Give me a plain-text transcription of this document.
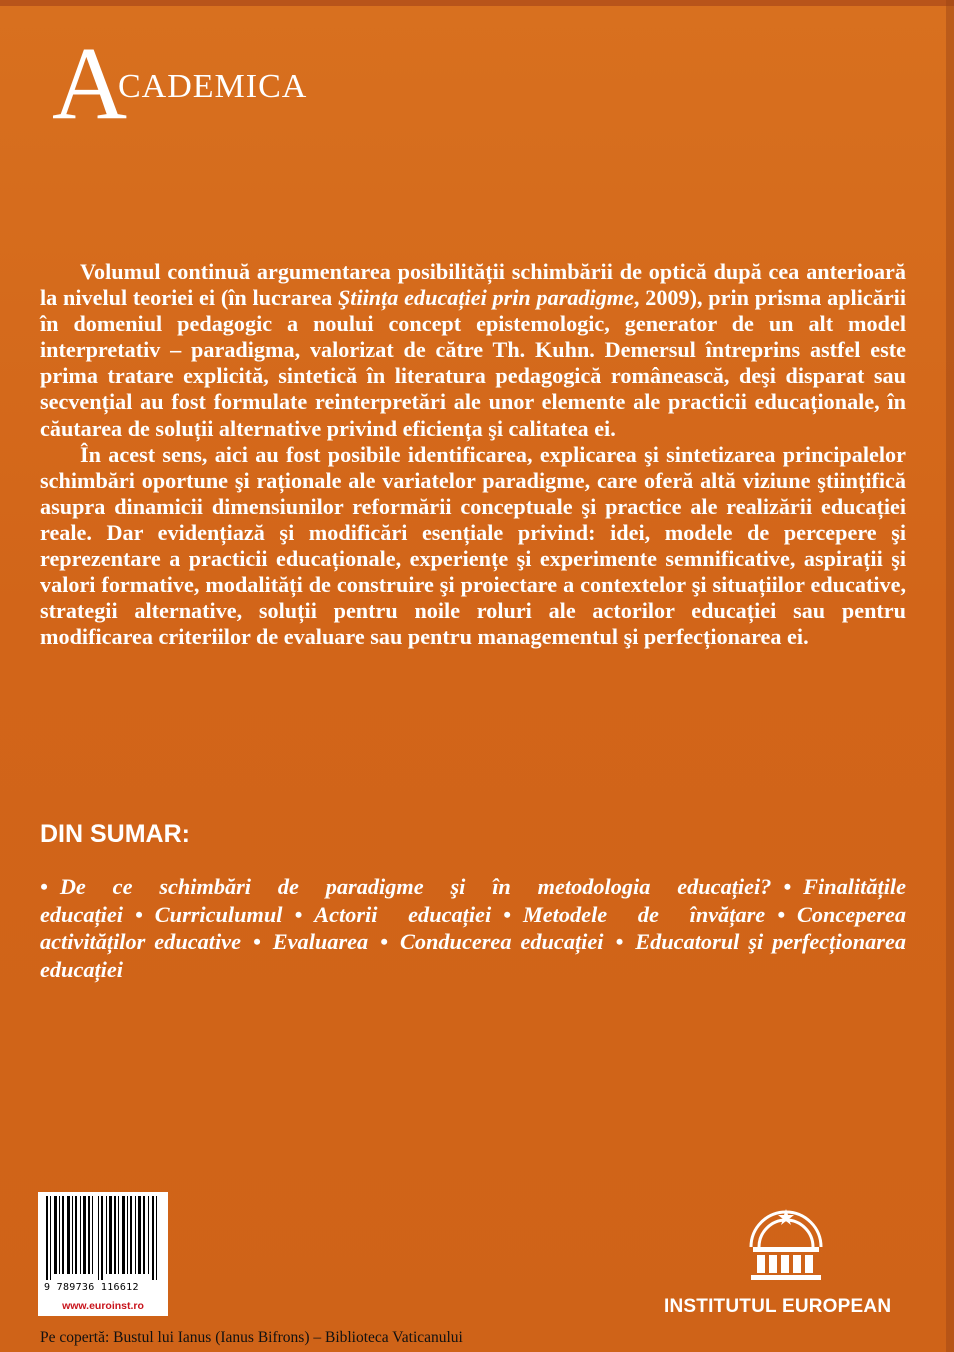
A
CADEMICA

Volumul continuă argumentarea posibilității schimbării de optică după cea anterioară la nivelul teoriei ei (în lucrarea Ştiința educației prin paradigme, 2009), prin prisma aplicării în domeniul pedagogic a noului concept epistemologic, generator de un alt model interpretativ – paradigma, valorizat de către Th. Kuhn. Demersul întreprins astfel este prima tratare explicită, sintetică în literatura pedagogică românească, deşi disparat sau secvențial au fost formulate reinterpretări ale unor elemente ale practicii educaționale, în căutarea de soluții alternative privind eficiența şi calitatea ei.

În acest sens, aici au fost posibile identificarea, explicarea şi sintetizarea principalelor schimbări oportune şi raționale ale variatelor paradigme, care oferă altă viziune ştiințifică asupra dinamicii dimensiunilor reformării conceptuale şi practice ale realizării educației reale. Dar evidențiază şi modificări esențiale privind: idei, modele de percepere şi reprezentare a practicii educaționale, experiențe şi experimente semnificative, aspirații şi valori formative, modalități de construire şi proiectare a contextelor şi situațiilor educative, strategii alternative, soluții pentru noile roluri ale actorilor educației sau pentru modificarea criteriilor de evaluare sau pentru managementul şi perfecționarea ei.

DIN SUMAR:
• De ce schimbări de paradigme şi în metodologia educației? • Finalitățile educației • Curriculumul • Actorii educației • Metodele de învățare • Conceperea activităților educative • Evaluarea • Conducerea educației • Educatorul şi perfecționarea educației
9 789736 116612
www.euroinst.ro	INSTITUTUL EUROPEAN
Pe copertă: Bustul lui Ianus (Ianus Bifrons) – Biblioteca Vaticanului
